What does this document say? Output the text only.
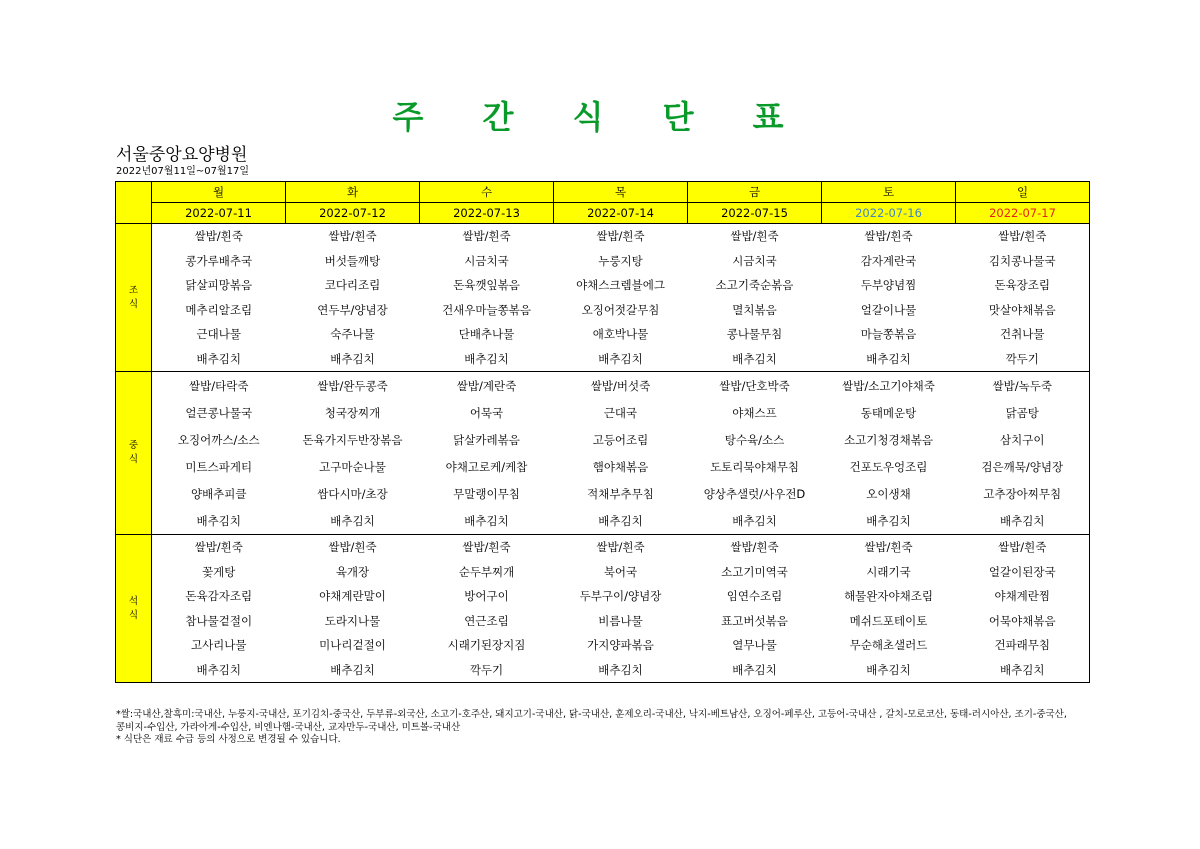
주 간 식 단 표
서울중앙요양병원
2022년07월11일~07월17일
	월	화	수	목	금	토	일
	2022-07-11	2022-07-12	2022-07-13	2022-07-14	2022-07-15	2022-07-16	2022-07-17

조
식	쌀밥/흰죽	쌀밥/흰죽	쌀밥/흰죽	쌀밥/흰죽	쌀밥/흰죽	쌀밥/흰죽	쌀밥/흰죽
	콩가루배추국	버섯들깨탕	시금치국	누룽지탕	시금치국	감자계란국	김치콩나물국
	닭살피망볶음	코다리조림	돈육깻잎볶음	야채스크렘블에그	소고기죽순볶음	두부양념찜	돈육장조림
	메추리알조림	연두부/양념장	건새우마늘쫑볶음	오징어젓갈무침	멸치볶음	얼갈이나물	맛살야채볶음
	근대나물	숙주나물	단배추나물	애호박나물	콩나물무침	마늘쫑볶음	건취나물
	배추김치	배추김치	배추김치	배추김치	배추김치	배추김치	깍두기

중
식	쌀밥/타락죽	쌀밥/완두콩죽	쌀밥/계란죽	쌀밥/버섯죽	쌀밥/단호박죽	쌀밥/소고기야채죽	쌀밥/녹두죽
	얼큰콩나물국	청국장찌개	어묵국	근대국	야채스프	동태메운탕	닭곰탕
	오징어까스/소스	돈육가지두반장볶음	닭살카레볶음	고등어조림	탕수육/소스	소고기청경채볶음	삼치구이
	미트스파게티	고구마순나물	야채고로케/케찹	햄야채볶음	도토리묵야채무침	건포도우엉조림	검은깨묵/양념장
	양배추피클	쌈다시마/초장	무말랭이무침	적채부추무침	양상추샐럿/사우전D	오이생채	고추장아찌무침
	배추김치	배추김치	배추김치	배추김치	배추김치	배추김치	배추김치

석
식	쌀밥/흰죽	쌀밥/흰죽	쌀밥/흰죽	쌀밥/흰죽	쌀밥/흰죽	쌀밥/흰죽	쌀밥/흰죽
	꽃게탕	육개장	순두부찌개	북어국	소고기미역국	시래기국	얼갈이된장국
	돈육감자조림	야채계란말이	방어구이	두부구이/양념장	임연수조림	해물완자야채조림	야채계란찜
	참나물겉절이	도라지나물	연근조림	비름나물	표고버섯볶음	메쉬드포테이토	어묵야채볶음
	고사리나물	미나리겉절이	시래기된장지짐	가지양파볶음	열무나물	무순해초샐러드	건파래무침
	배추김치	배추김치	깍두기	배추김치	배추김치	배추김치	배추김치
*쌀:국내산,찰흑미:국내산, 누룽지-국내산, 포기김치-중국산, 두부류-외국산, 소고기-호주산, 돼지고기-국내산, 닭-국내산, 훈제오리-국내산, 낙지-베트남산, 오징어-페루산, 고등어-국내산 , 갈치-모로코산, 동태-러시아산, 조기-중국산, 콩비지-수입산, 가라아게-수입산, 비엔나햄-국내산, 교자만두-국내산, 미트볼-국내산
* 식단은 재료 수급 등의 사정으로 변경될 수 있습니다.
